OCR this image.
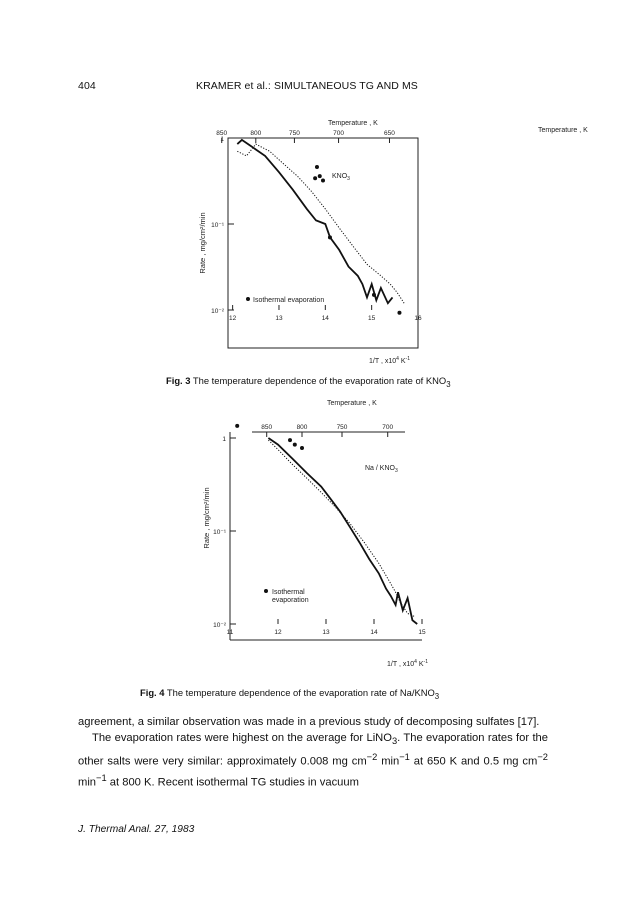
404	KRAMER et al.: SIMULTANEOUS TG AND MS
Temperature , K
Temperature , K
12	13	14	15	16
850	800	750	700	650
1
10⁻¹
10⁻²
Rate , mg/cm²/min
$KNO_3$
1/T , $x10^4$ $K^{-1}$
Isothermal evaporation
Fig. 3 The temperature dependence of the evaporation rate of $KNO_3$
Temperature , K
11	12	13	14	15
850	800	750	700
1
10⁻¹
10⁻²
Rate , mg/cm²/min
Na / $KNO_3$
1/T , $x10^4$ $K^{-1}$
Isothermal
evaporation
Fig. 4 The temperature dependence of the evaporation rate of $Na/KNO_3$

agreement, a similar observation was made in a previous study of decomposing sulfates [17].

The evaporation rates were highest on the average for LiNO$_3$. The evaporation rates for the other salts were very similar: approximately 0.008 mg $cm^{-2}$ $\min^{-1}$ at 650 K and 0.5 mg $cm^{-2}$ $\min^{-1}$ at 800 K. Recent isothermal TG studies in vacuum

J. Thermal Anal. 27, 1983
